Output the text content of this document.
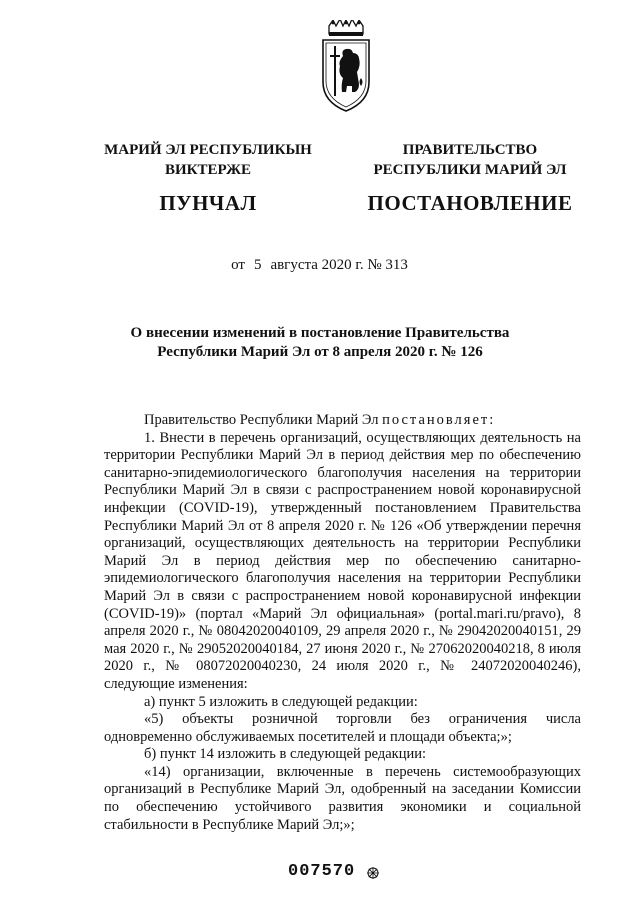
МАРИЙ ЭЛ РЕСПУБЛИКЫН
ВИКТЕРЖЕ
ПУНЧАЛ
ПРАВИТЕЛЬСТВО
РЕСПУБЛИКИ МАРИЙ ЭЛ
ПОСТАНОВЛЕНИЕ
от 5 августа 2020 г. № 313
О внесении изменений в постановление Правительства
Республики Марий Эл от 8 апреля 2020 г. № 126

Правительство Республики Марий Эл постановляет:

1. Внести в перечень организаций, осуществляющих деятельность на территории Республики Марий Эл в период действия мер по обеспечению санитарно-эпидемиологического благополучия населения на территории Республики Марий Эл в связи с распространением новой коронавирусной инфекции (COVID-19), утвержденный постановлением Правительства Республики Марий Эл от 8 апреля 2020 г. № 126 «Об утверждении перечня организаций, осуществляющих деятельность на территории Республики Марий Эл в период действия мер по обеспечению санитарно-эпидемиологического благополучия населения на территории Республики Марий Эл в связи с распространением новой коронавирусной инфекции (COVID-19)» (портал «Марий Эл официальная» (portal.mari.ru/pravo), 8 апреля 2020 г., № 08042020040109, 29 апреля 2020 г., № 29042020040151, 29 мая 2020 г., № 29052020040184, 27 июня 2020 г., № 27062020040218, 8 июля 2020 г., № 08072020040230, 24 июля 2020 г., № 24072020040246), следующие изменения:

а) пункт 5 изложить в следующей редакции:

«5) объекты розничной торговли без ограничения числа одновременно обслуживаемых посетителей и площади объекта;»;

б) пункт 14 изложить в следующей редакции:

«14) организации, включенные в перечень системообразующих организаций в Республике Марий Эл, одобренный на заседании Комиссии по обеспечению устойчивого развития экономики и социальной стабильности в Республике Марий Эл;»;

007570
